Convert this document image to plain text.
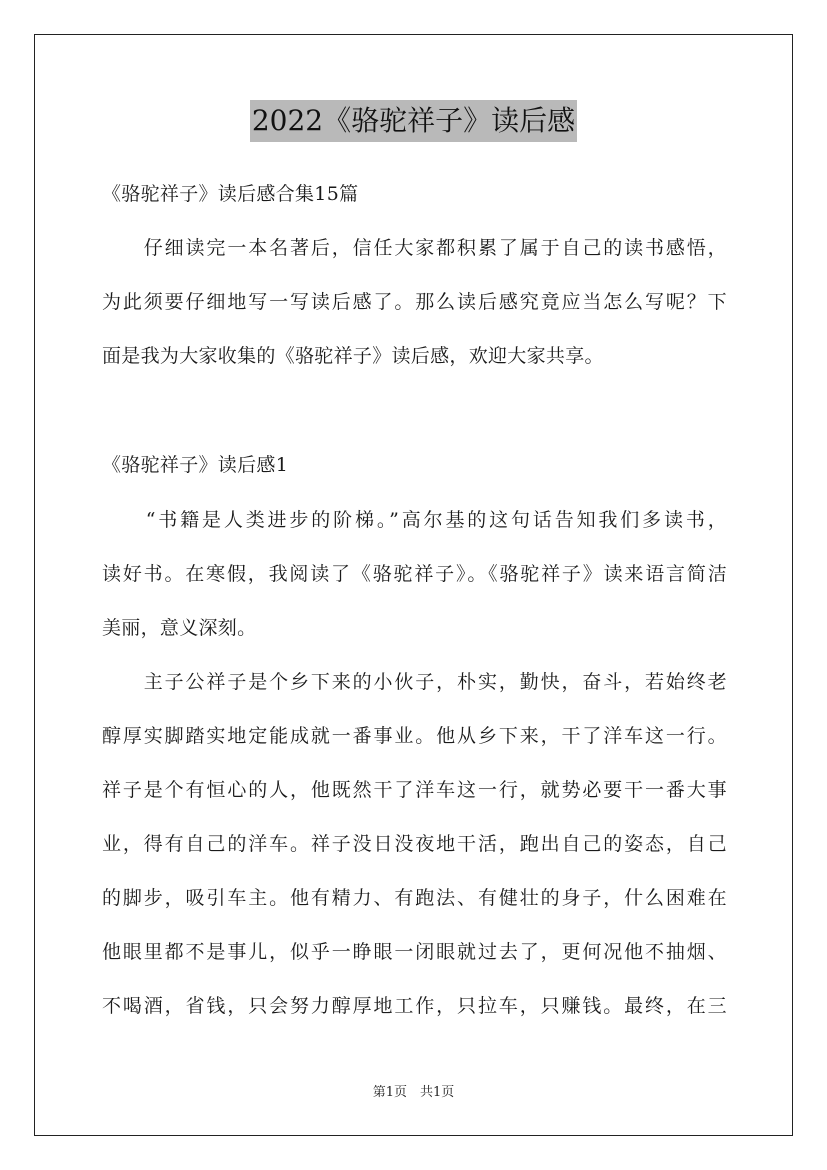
2022《骆驼祥子》读后感
《骆驼祥子》读后感合集15篇
　　仔细读完一本名著后，信任大家都积累了属于自己的读书感悟，
为此须要仔细地写一写读后感了。那么读后感究竟应当怎么写呢？下
面是我为大家收集的《骆驼祥子》读后感，欢迎大家共享。
《骆驼祥子》读后感1
　　“书籍是人类进步的阶梯。”高尔基的这句话告知我们多读书，
读好书。在寒假，我阅读了《骆驼祥子》。《骆驼祥子》读来语言简洁
美丽，意义深刻。
　　主子公祥子是个乡下来的小伙子，朴实，勤快，奋斗，若始终老
醇厚实脚踏实地定能成就一番事业。他从乡下来，干了洋车这一行。
祥子是个有恒心的人，他既然干了洋车这一行，就势必要干一番大事
业，得有自己的洋车。祥子没日没夜地干活，跑出自己的姿态，自己
的脚步，吸引车主。他有精力、有跑法、有健壮的身子，什么困难在
他眼里都不是事儿，似乎一睁眼一闭眼就过去了，更何况他不抽烟、
不喝酒，省钱，只会努力醇厚地工作，只拉车，只赚钱。最终，在三
第1页　共1页
